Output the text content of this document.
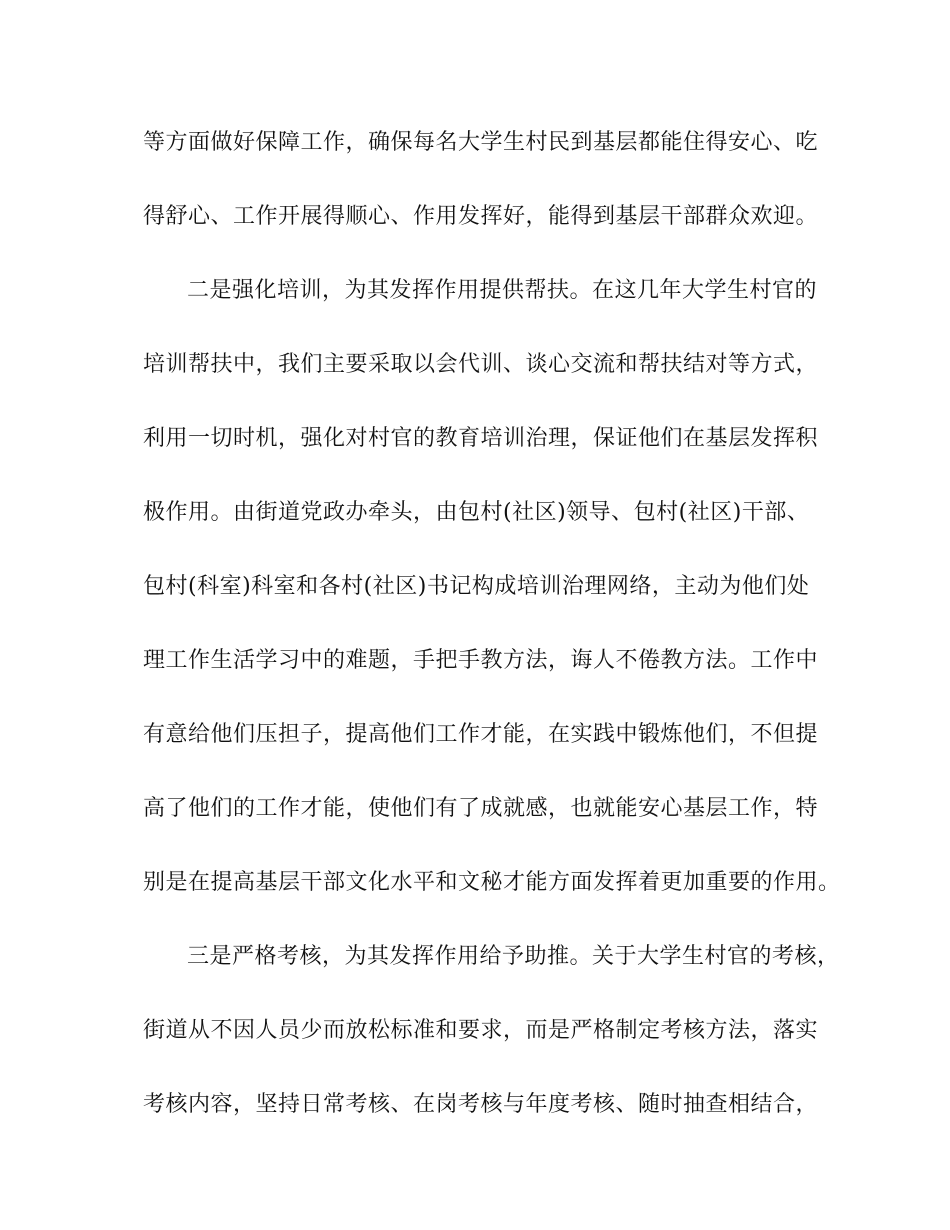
等方面做好保障工作，确保每名大学生村民到基层都能住得安心、吃
得舒心、工作开展得顺心、作用发挥好，能得到基层干部群众欢迎。
二是强化培训，为其发挥作用提供帮扶。在这几年大学生村官的
培训帮扶中，我们主要采取以会代训、谈心交流和帮扶结对等方式，
利用一切时机，强化对村官的教育培训治理，保证他们在基层发挥积
极作用。由街道党政办牵头，由包村(社区)领导、包村(社区)干部、
包村(科室)科室和各村(社区)书记构成培训治理网络，主动为他们处
理工作生活学习中的难题，手把手教方法，诲人不倦教方法。工作中
有意给他们压担子，提高他们工作才能，在实践中锻炼他们，不但提
高了他们的工作才能，使他们有了成就感，也就能安心基层工作，特
别是在提高基层干部文化水平和文秘才能方面发挥着更加重要的作用。
三是严格考核，为其发挥作用给予助推。关于大学生村官的考核，
街道从不因人员少而放松标准和要求，而是严格制定考核方法，落实
考核内容，坚持日常考核、在岗考核与年度考核、随时抽查相结合，
